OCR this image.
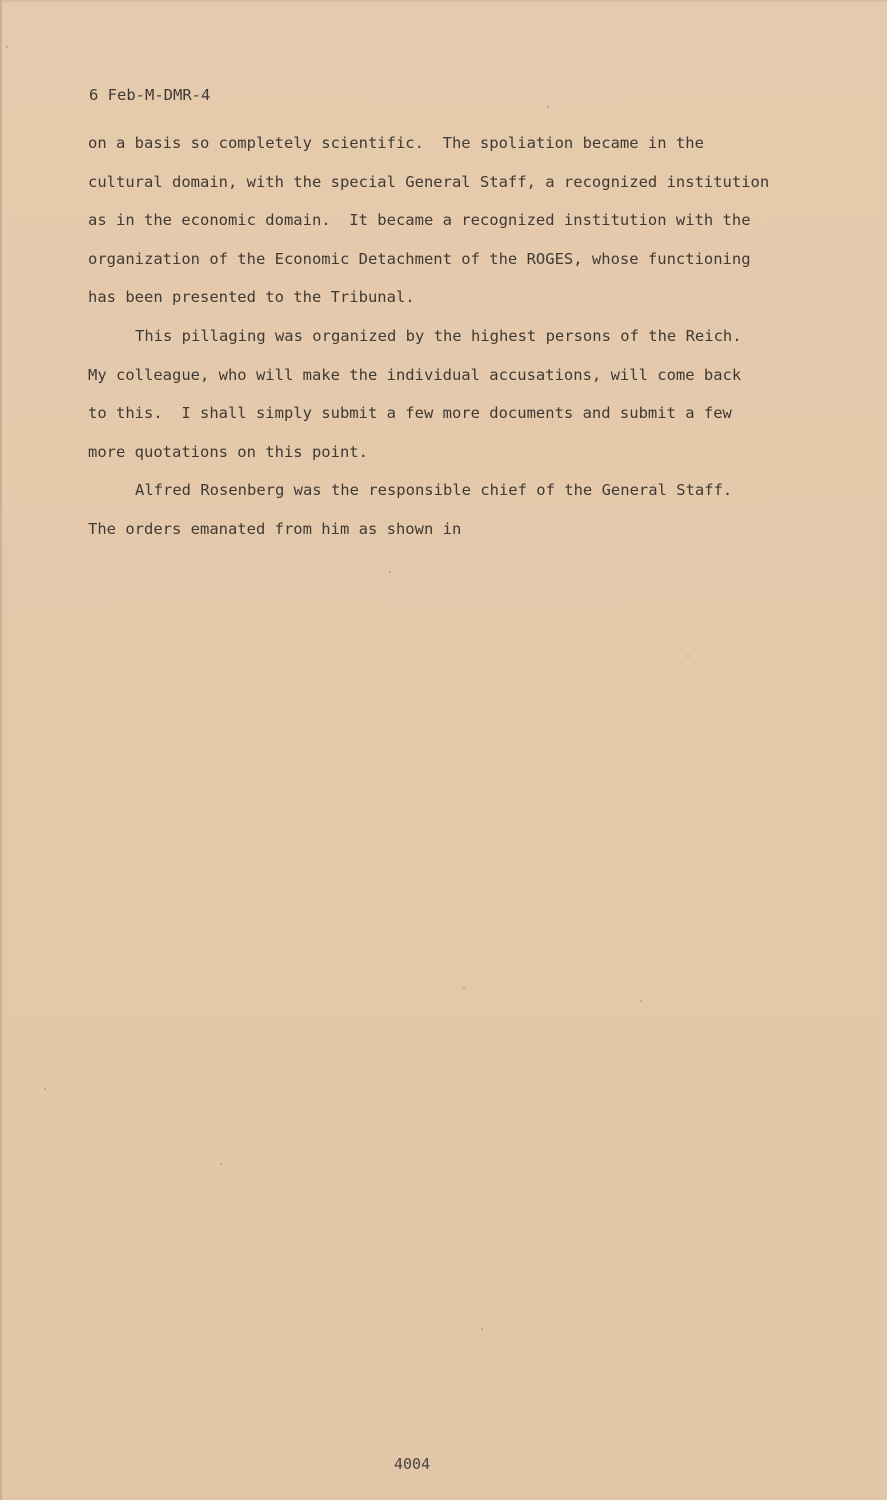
6 Feb-M-DMR-4
on a basis so completely scientific.  The spoliation became in the
cultural domain, with the special General Staff, a recognized institution
as in the economic domain.  It became a recognized institution with the
organization of the Economic Detachment of the ROGES, whose functioning
has been presented to the Tribunal.
This pillaging was organized by the highest persons of the Reich.
My colleague, who will make the individual accusations, will come back
to this.  I shall simply submit a few more documents and submit a few
more quotations on this point.
Alfred Rosenberg was the responsible chief of the General Staff.
The orders emanated from him as shown in
4004
